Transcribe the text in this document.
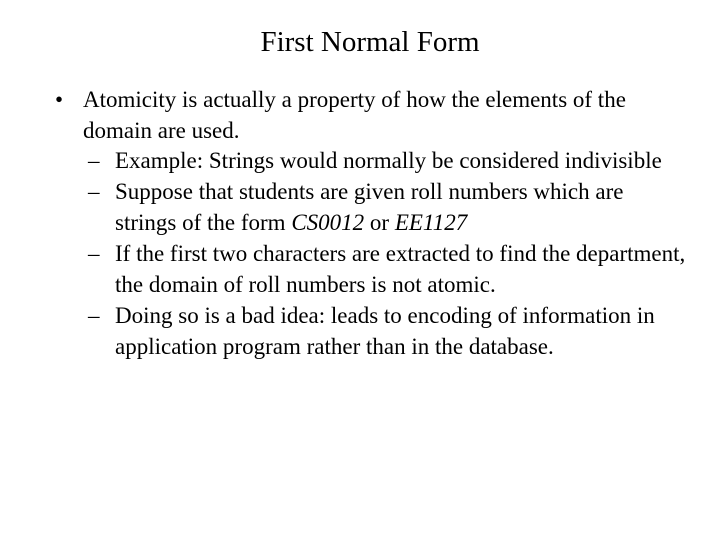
First Normal Form
• Atomicity is actually a property of how the elements of the domain are used.
– Example: Strings would normally be considered indivisible
– Suppose that students are given roll numbers which are strings of the form CS0012 or EE1127
– If the first two characters are extracted to find the department, the domain of roll numbers is not atomic.
– Doing so is a bad idea: leads to encoding of information in application program rather than in the database.
